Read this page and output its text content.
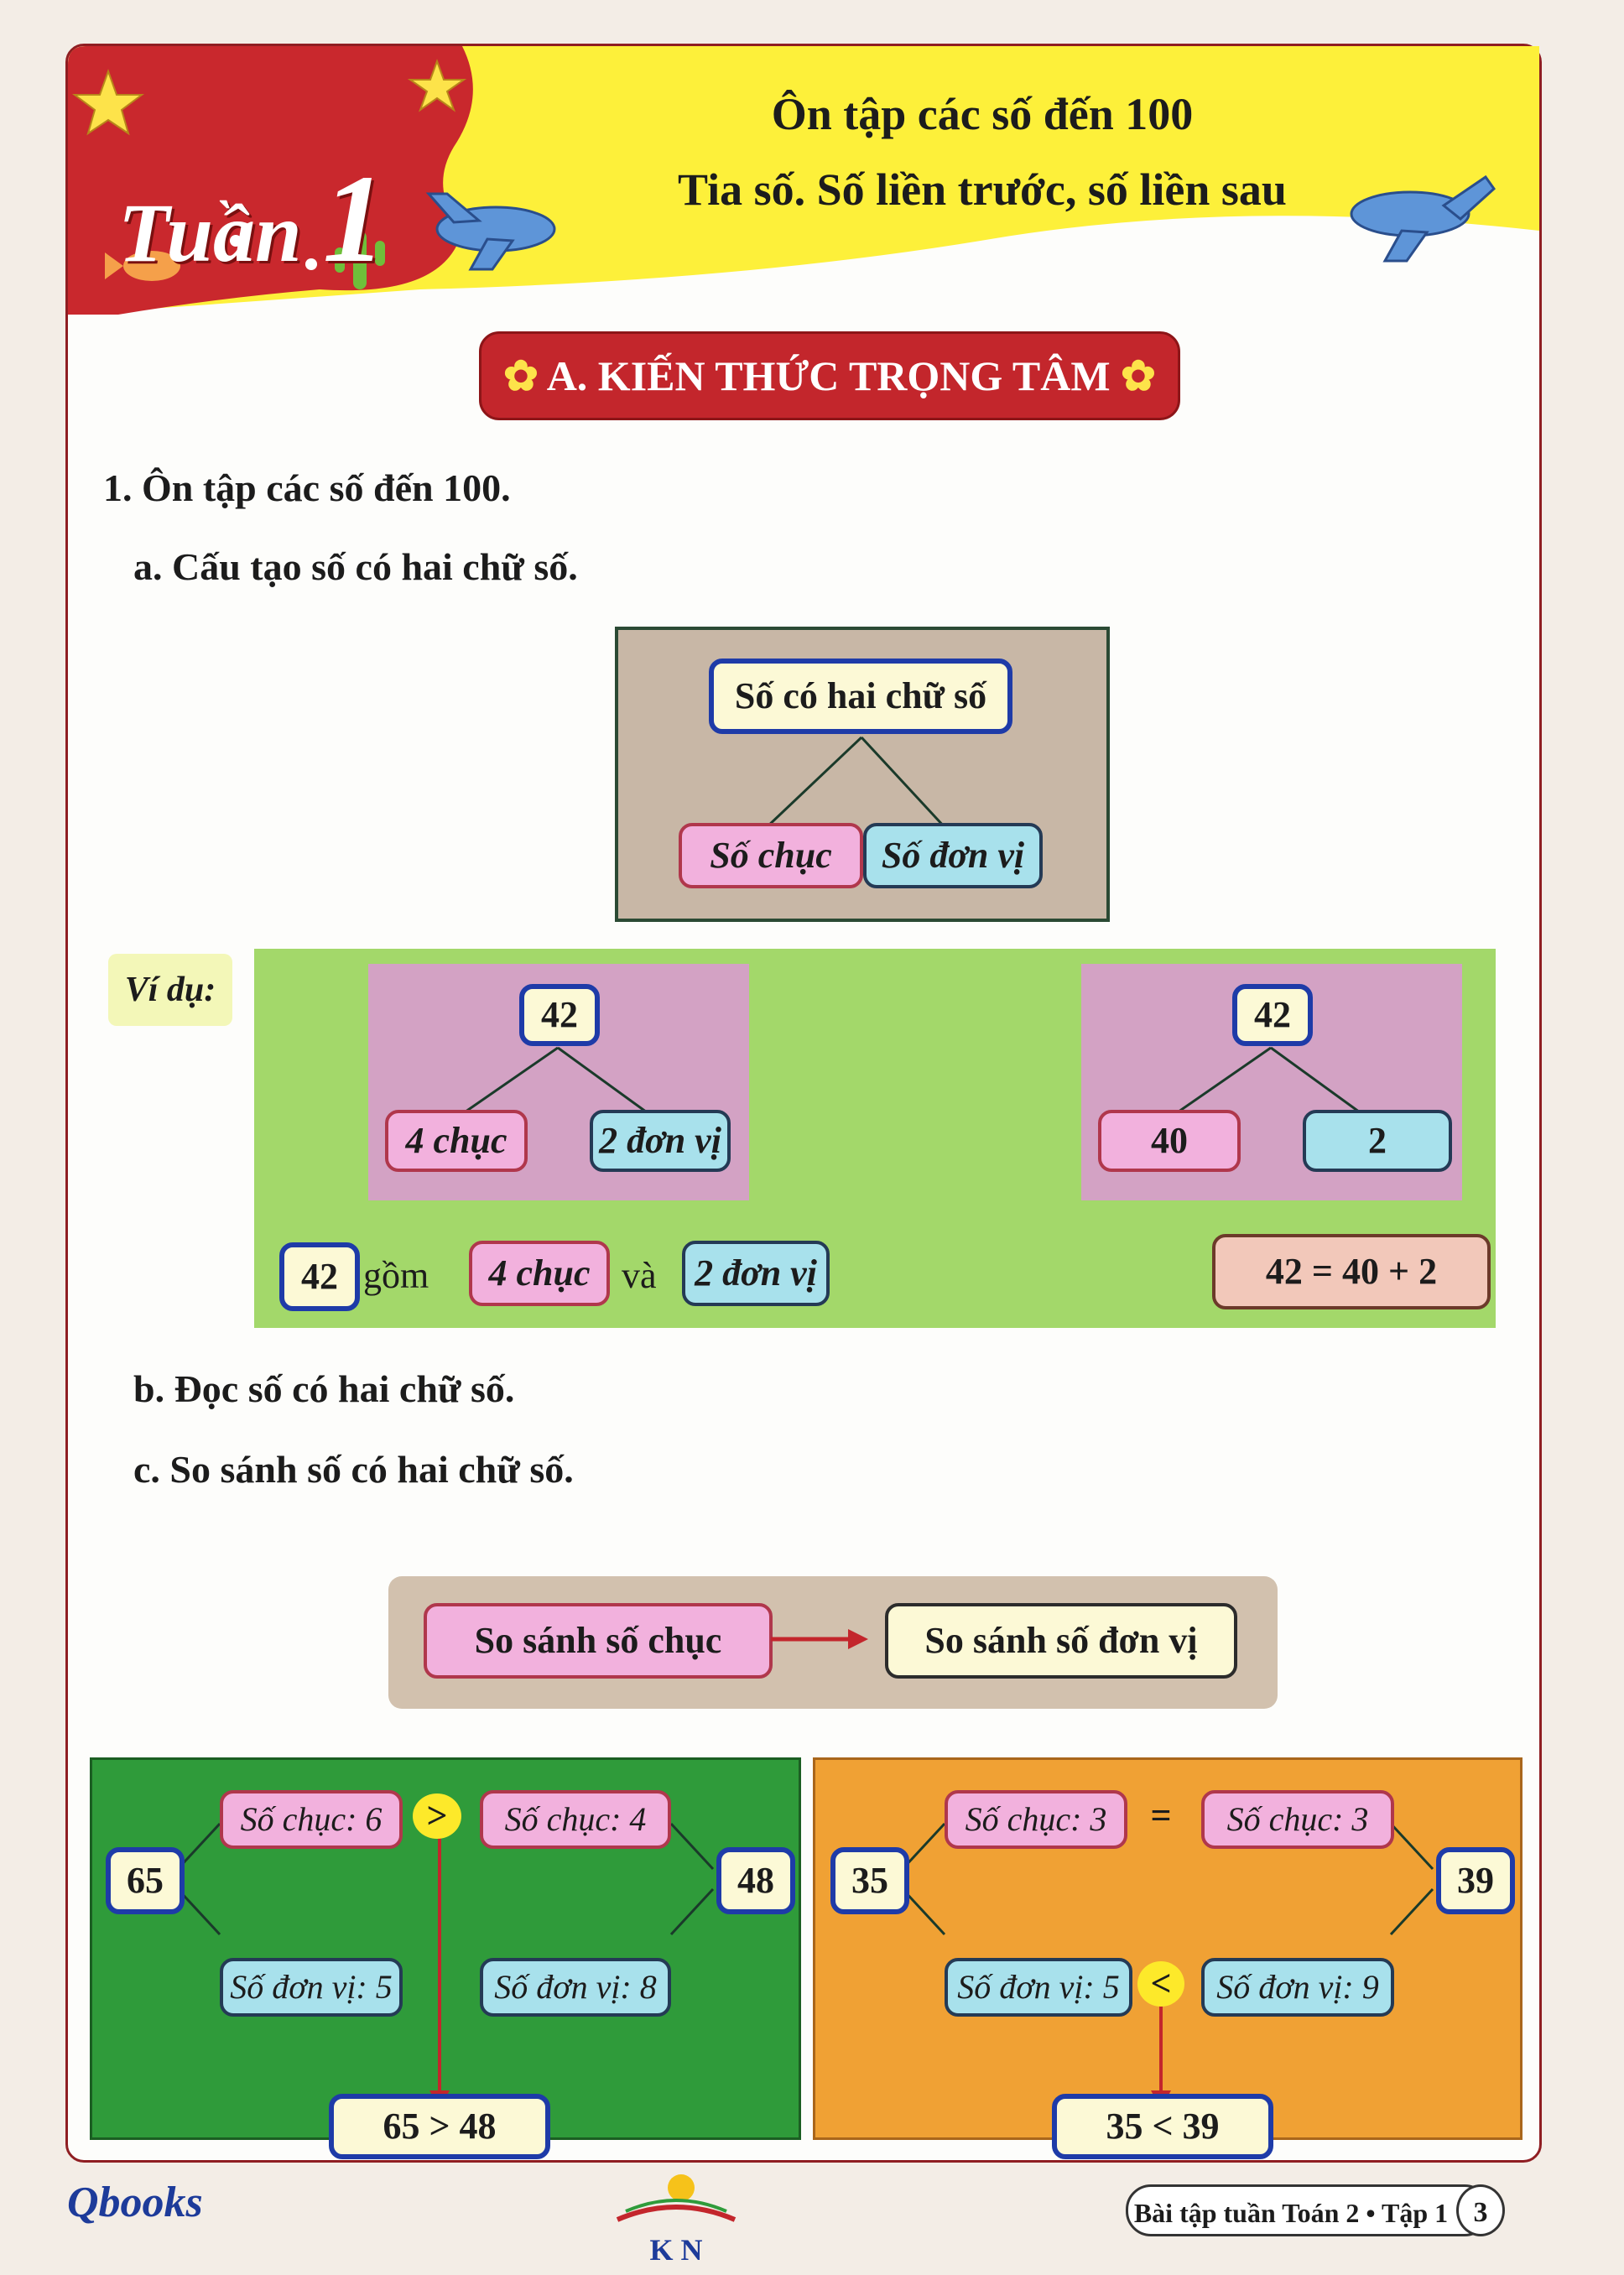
Tuần 1
Ôn tập các số đến 100
Tia số. Số liền trước, số liền sau
✿ A. KIẾN THỨC TRỌNG TÂM ✿
1. Ôn tập các số đến 100.
a. Cấu tạo số có hai chữ số.
Số có hai chữ số
Số chục	Số đơn vị
Ví dụ:
42
4 chục	2 đơn vị
42
40	2
42 gồm	4 chục và	2 đơn vị	42 = 40 + 2
b. Đọc số có hai chữ số.
c. So sánh số có hai chữ số.
So sánh số chục	So sánh số đơn vị
65	48
Số chục: 6	>	Số chục: 4
Số đơn vị: 5	Số đơn vị: 8
65 > 48
35	39
Số chục: 3	=	Số chục: 3
Số đơn vị: 5 <	Số đơn vị: 9
35 < 39
Qbooks
K N
Bài tập tuần Toán 2 • Tập 1 3
